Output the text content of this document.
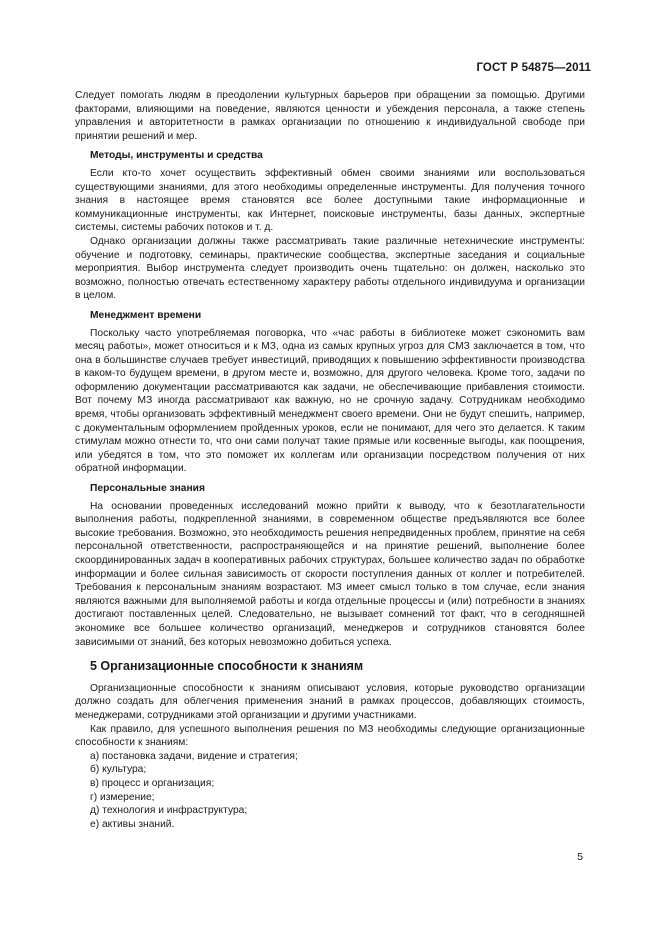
ГОСТ Р 54875—2011

Следует помогать людям в преодолении культурных барьеров при обращении за помощью. Другими факторами, влияющими на поведение, являются ценности и убеждения персонала, а также степень управления и авторитетности в рамках организации по отношению к индивидуальной свободе при принятии решений и мер.

Методы, инструменты и средства

Если кто-то хочет осуществить эффективный обмен своими знаниями или воспользоваться существующими знаниями, для этого необходимы определенные инструменты. Для получения точного знания в настоящее время становятся все более доступными такие информационные и коммуникационные инструменты, как Интернет, поисковые инструменты, базы данных, экспертные системы, системы рабочих потоков и т. д.

Однако организации должны также рассматривать такие различные нетехнические инструменты: обучение и подготовку, семинары, практические сообщества, экспертные заседания и социальные мероприятия. Выбор инструмента следует производить очень тщательно: он должен, насколько это возможно, полностью отвечать естественному характеру работы отдельного индивидуума и организации в целом.

Менеджмент времени

Поскольку часто употребляемая поговорка, что «час работы в библиотеке может сэкономить вам месяц работы», может относиться и к МЗ, одна из самых крупных угроз для СМЗ заключается в том, что она в большинстве случаев требует инвестиций, приводящих к повышению эффективности производства в каком-то будущем времени, в другом месте и, возможно, для другого человека. Кроме того, задачи по оформлению документации рассматриваются как задачи, не обеспечивающие прибавления стоимости. Вот почему МЗ иногда рассматривают как важную, но не срочную задачу. Сотрудникам необходимо время, чтобы организовать эффективный менеджмент своего времени. Они не будут спешить, например, с документальным оформлением пройденных уроков, если не понимают, для чего это делается. К таким стимулам можно отнести то, что они сами получат такие прямые или косвенные выгоды, как поощрения, или убедятся в том, что это поможет их коллегам или организации посредством получения от них обратной информации.

Персональные знания

На основании проведенных исследований можно прийти к выводу, что к безотлагательности выполнения работы, подкрепленной знаниями, в современном обществе предъявляются все более высокие требования. Возможно, это необходимость решения непредвиденных проблем, принятие на себя персональной ответственности, распространяющейся и на принятие решений, выполнение более скоординированных задач в кооперативных рабочих структурах, большее количество задач по обработке информации и более сильная зависимость от скорости поступления данных от коллег и потребителей. Требования к персональным знаниям возрастают. МЗ имеет смысл только в том случае, если знания являются важными для выполняемой работы и когда отдельные процессы и (или) потребности в знаниях достигают поставленных целей. Следовательно, не вызывает сомнений тот факт, что в сегодняшней экономике все большее количество организаций, менеджеров и сотрудников становятся более зависимыми от знаний, без которых невозможно добиться успеха.

5 Организационные способности к знаниям

Организационные способности к знаниям описывают условия, которые руководство организации должно создать для облегчения применения знаний в рамках процессов, добавляющих стоимость, менеджерами, сотрудниками этой организации и другими участниками.

Как правило, для успешного выполнения решения по МЗ необходимы следующие организационные способности к знаниям:

а) постановка задачи, видение и стратегия;
б) культура;
в) процесс и организация;
г) измерение;
д) технология и инфраструктура;
е) активы знаний.
5
